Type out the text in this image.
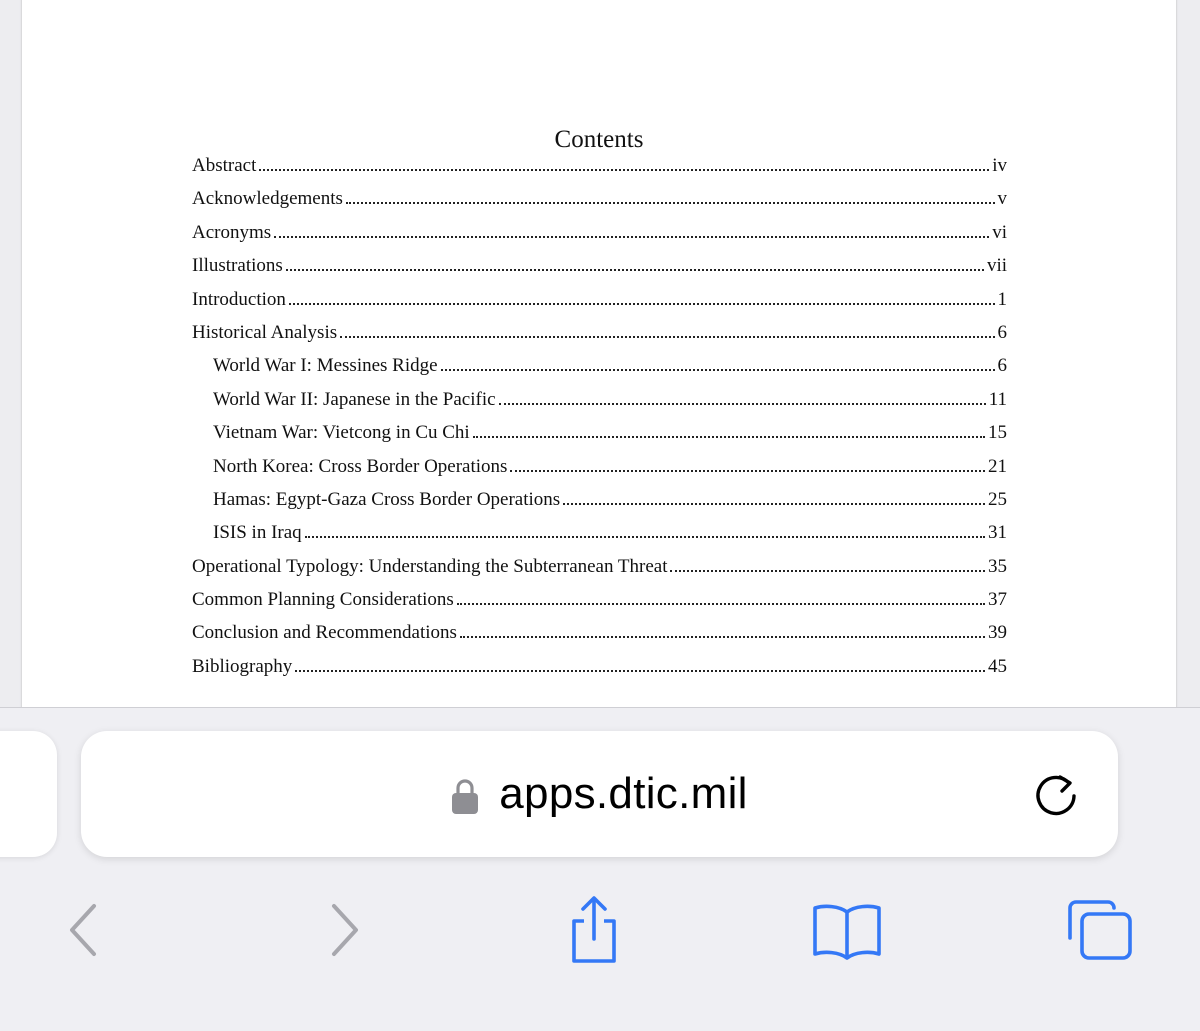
Contents
Abstract	iv
Acknowledgements	v
Acronyms	vi
Illustrations	vii
Introduction	1
Historical Analysis	6
World War I: Messines Ridge	6
World War II: Japanese in the Pacific	11
Vietnam War: Vietcong in Cu Chi	15
North Korea: Cross Border Operations	21
Hamas: Egypt-Gaza Cross Border Operations	25
ISIS in Iraq	31
Operational Typology: Understanding the Subterranean Threat	35
Common Planning Considerations	37
Conclusion and Recommendations	39
Bibliography	45
apps.dtic.mil
